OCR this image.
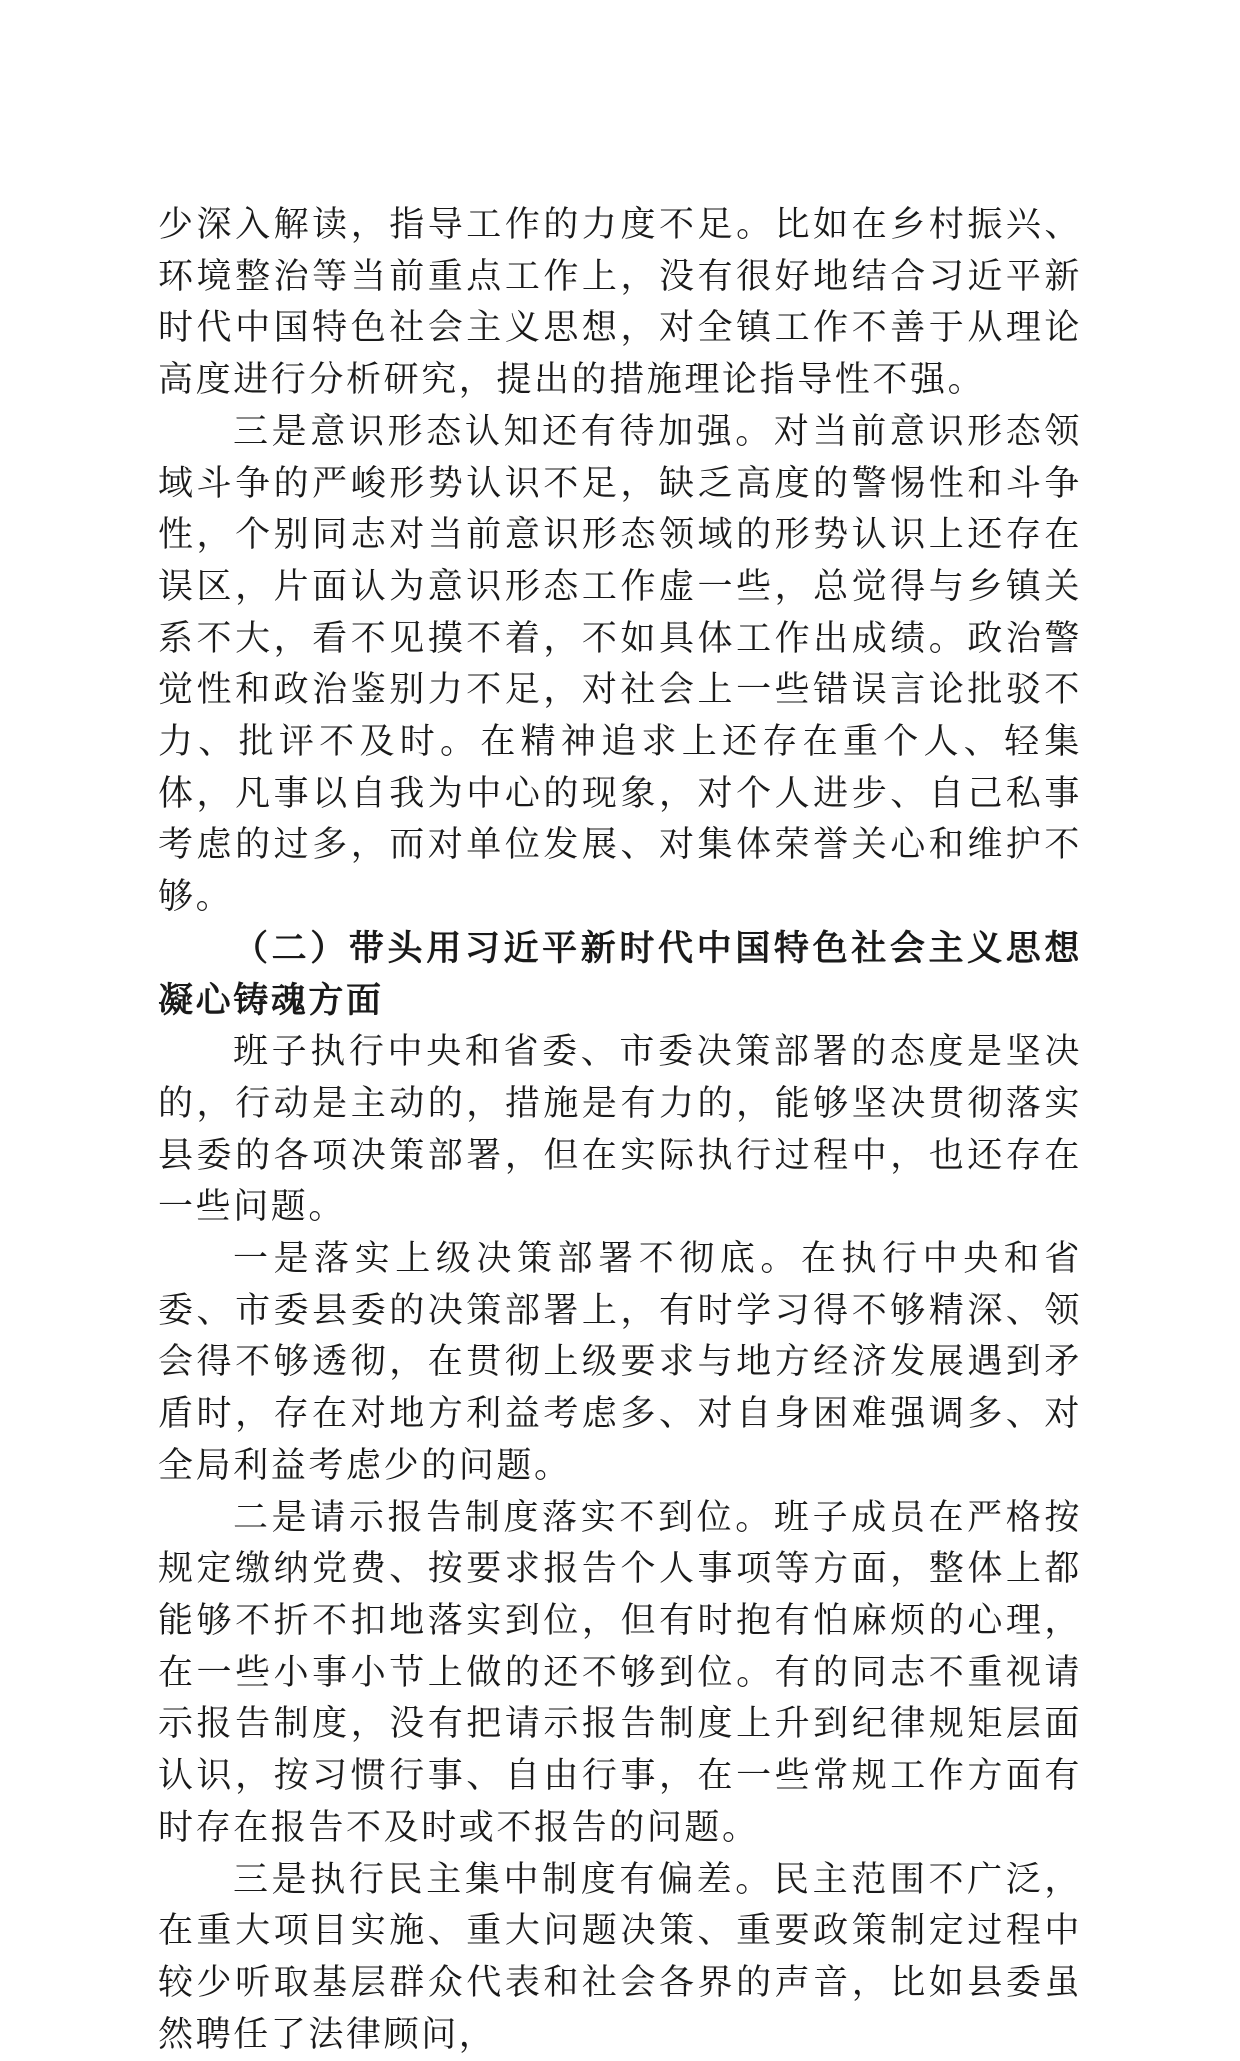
少深入解读，指导工作的力度不足。比如在乡村振兴、环境整治等当前重点工作上，没有很好地结合习近平新时代中国特色社会主义思想，对全镇工作不善于从理论高度进行分析研究，提出的措施理论指导性不强。

三是意识形态认知还有待加强。对当前意识形态领域斗争的严峻形势认识不足，缺乏高度的警惕性和斗争性，个别同志对当前意识形态领域的形势认识上还存在误区，片面认为意识形态工作虚一些，总觉得与乡镇关系不大，看不见摸不着，不如具体工作出成绩。政治警觉性和政治鉴别力不足，对社会上一些错误言论批驳不力、批评不及时。在精神追求上还存在重个人、轻集体，凡事以自我为中心的现象，对个人进步、自己私事考虑的过多，而对单位发展、对集体荣誉关心和维护不够。

（二）带头用习近平新时代中国特色社会主义思想凝心铸魂方面

班子执行中央和省委、市委决策部署的态度是坚决的，行动是主动的，措施是有力的，能够坚决贯彻落实县委的各项决策部署，但在实际执行过程中，也还存在一些问题。

一是落实上级决策部署不彻底。在执行中央和省委、市委县委的决策部署上，有时学习得不够精深、领会得不够透彻，在贯彻上级要求与地方经济发展遇到矛盾时，存在对地方利益考虑多、对自身困难强调多、对全局利益考虑少的问题。

二是请示报告制度落实不到位。班子成员在严格按规定缴纳党费、按要求报告个人事项等方面，整体上都能够不折不扣地落实到位，但有时抱有怕麻烦的心理，在一些小事小节上做的还不够到位。有的同志不重视请示报告制度，没有把请示报告制度上升到纪律规矩层面认识，按习惯行事、自由行事，在一些常规工作方面有时存在报告不及时或不报告的问题。

三是执行民主集中制度有偏差。民主范围不广泛，在重大项目实施、重大问题决策、重要政策制定过程中较少听取基层群众代表和社会各界的声音，比如县委虽然聘任了法律顾问，
